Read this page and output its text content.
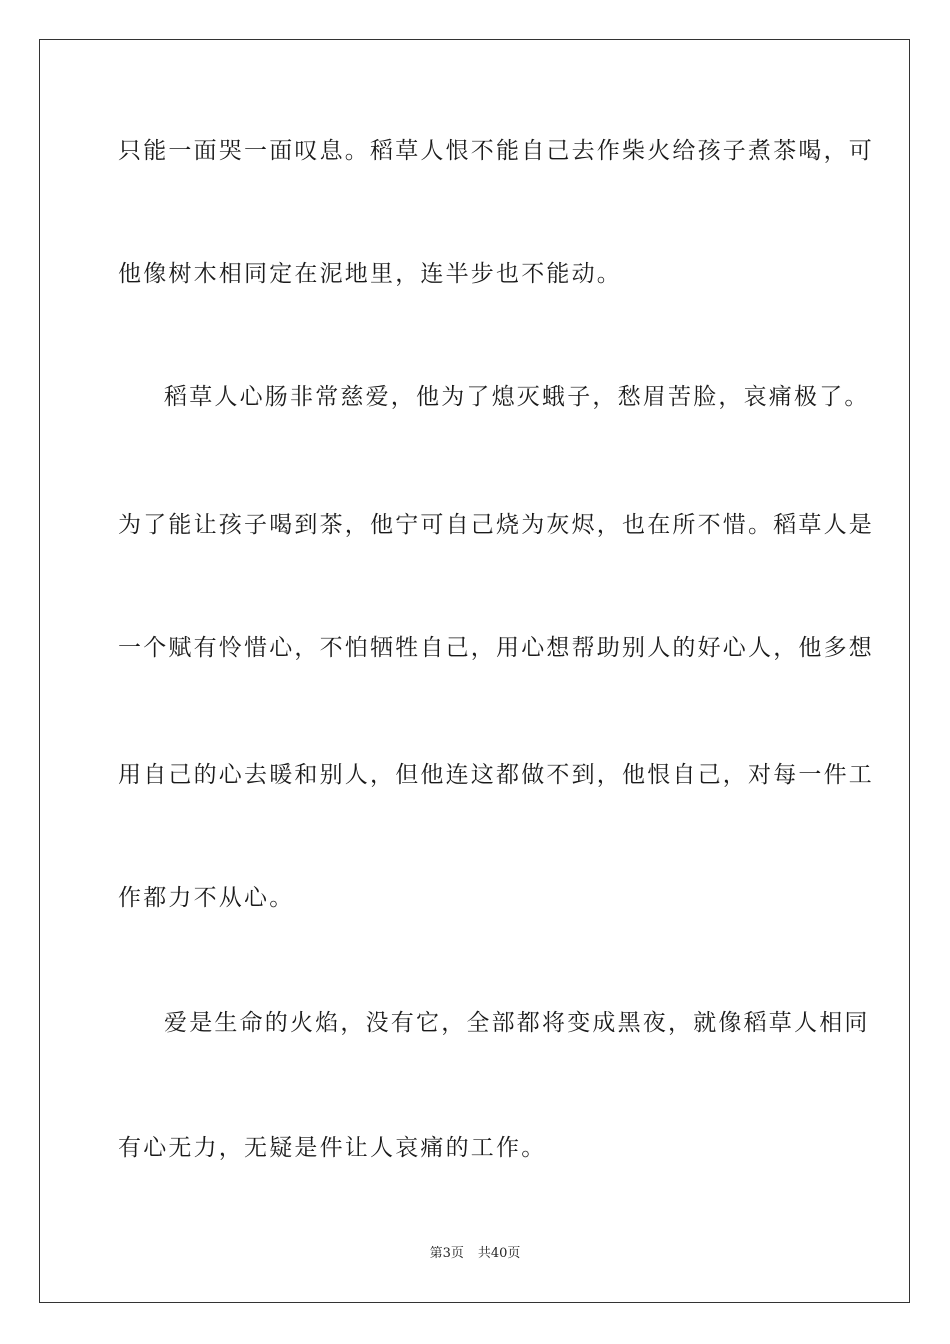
只能一面哭一面叹息。稻草人恨不能自己去作柴火给孩子煮茶喝，可
他像树木相同定在泥地里，连半步也不能动。
稻草人心肠非常慈爱，他为了熄灭蛾子，愁眉苦脸，哀痛极了。
为了能让孩子喝到茶，他宁可自己烧为灰烬，也在所不惜。稻草人是
一个赋有怜惜心，不怕牺牲自己，用心想帮助别人的好心人，他多想
用自己的心去暖和别人，但他连这都做不到，他恨自己，对每一件工
作都力不从心。
爱是生命的火焰，没有它，全部都将变成黑夜，就像稻草人相同
有心无力，无疑是件让人哀痛的工作。
第3页 共40页
